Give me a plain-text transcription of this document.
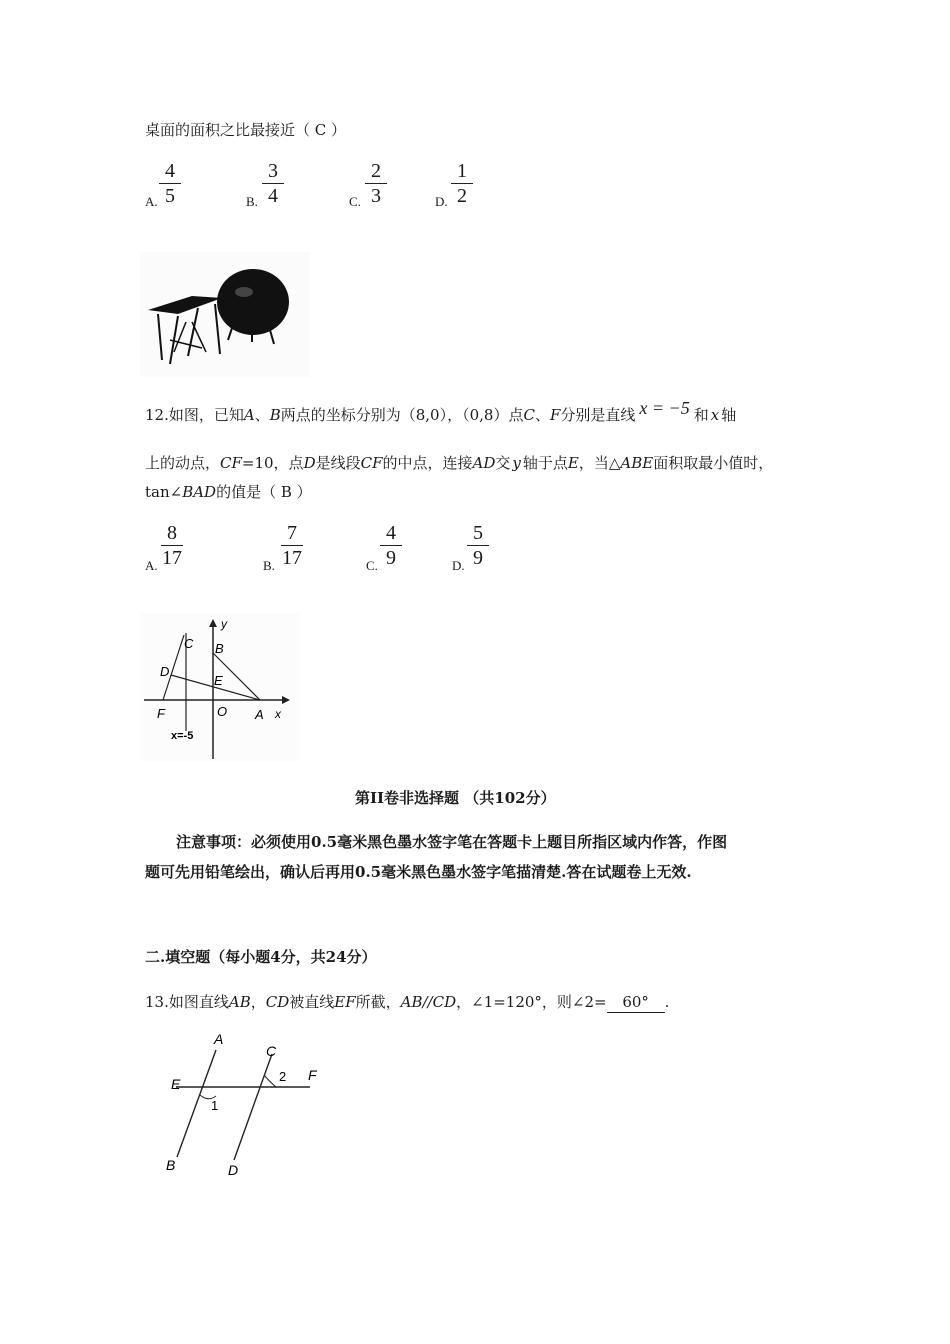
桌面的面积之比最接近（ C ）
A.
4
5	B.
3
4	C.
2
3	D.
1
2
12.如图，已知A、B两点的坐标分别为（8,0），（0,8）点C、F分别是直线 x = −5 和 x 轴
上的动点，CF=10，点D是线段CF的中点，连接AD交 y 轴于点E，当△ABE面积取最小值时，
tan∠BAD的值是（ B ）
A.
8
17	B.
7
17	C.
4
9	D.
5
9
y
C B
D
E
F	O A x
x=-5
第II卷非选择题 （共102分）
注意事项：必须使用0.5毫米黑色墨水签字笔在答题卡上题目所指区域内作答，作图
题可先用铅笔绘出，确认后再用0.5毫米黑色墨水签字笔描清楚.答在试题卷上无效.
二.填空题（每小题4分，共24分）
13.如图直线AB，CD被直线EF所截，AB//CD，∠1=120°，则∠2= 60° .
A
C
E
F
1
2
B	D
